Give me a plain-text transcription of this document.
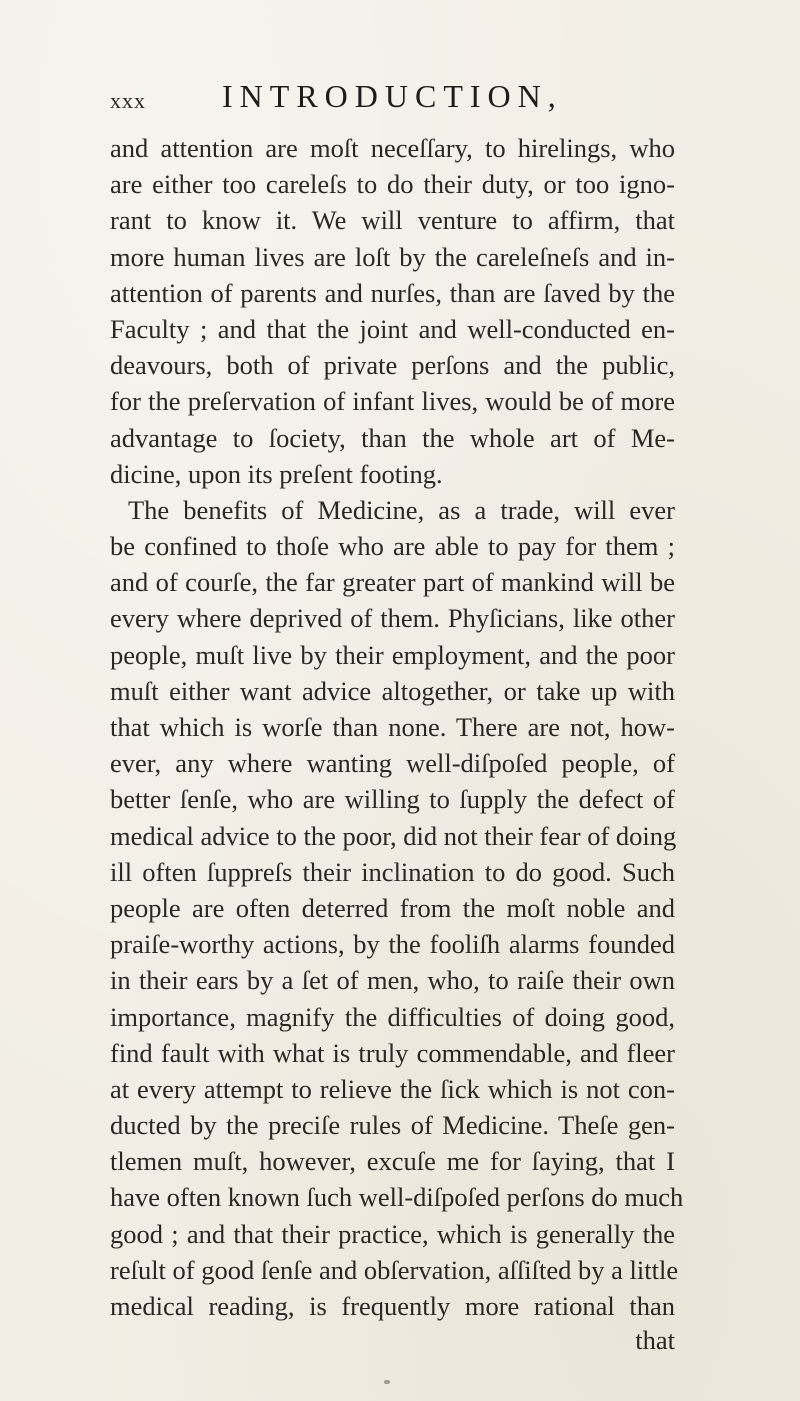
xxx INTRODUCTION,
and attention are moſt neceſſary, to hirelings, who
are either too careleſs to do their duty, or too igno-
rant to know it. We will venture to affirm, that
more human lives are loſt by the careleſneſs and in-
attention of parents and nurſes, than are ſaved by the
Faculty ; and that the joint and well-conducted en-
deavours, both of private perſons and the public,
for the preſervation of infant lives, would be of more
advantage to ſociety, than the whole art of Me-
dicine, upon its preſent footing.
The benefits of Medicine, as a trade, will ever
be confined to thoſe who are able to pay for them ;
and of courſe, the far greater part of mankind will be
every where deprived of them. Phyſicians, like other
people, muſt live by their employment, and the poor
muſt either want advice altogether, or take up with
that which is worſe than none. There are not, how-
ever, any where wanting well-diſpoſed people, of
better ſenſe, who are willing to ſupply the defect of
medical advice to the poor, did not their fear of doing
ill often ſuppreſs their inclination to do good. Such
people are often deterred from the moſt noble and
praiſe-worthy actions, by the fooliſh alarms founded
in their ears by a ſet of men, who, to raiſe their own
importance, magnify the difficulties of doing good,
find fault with what is truly commendable, and fleer
at every attempt to relieve the ſick which is not con-
ducted by the preciſe rules of Medicine. Theſe gen-
tlemen muſt, however, excuſe me for ſaying, that I
have often known ſuch well-diſpoſed perſons do much
good ; and that their practice, which is generally the
reſult of good ſenſe and obſervation, aſſiſted by a little
medical reading, is frequently more rational than
that
